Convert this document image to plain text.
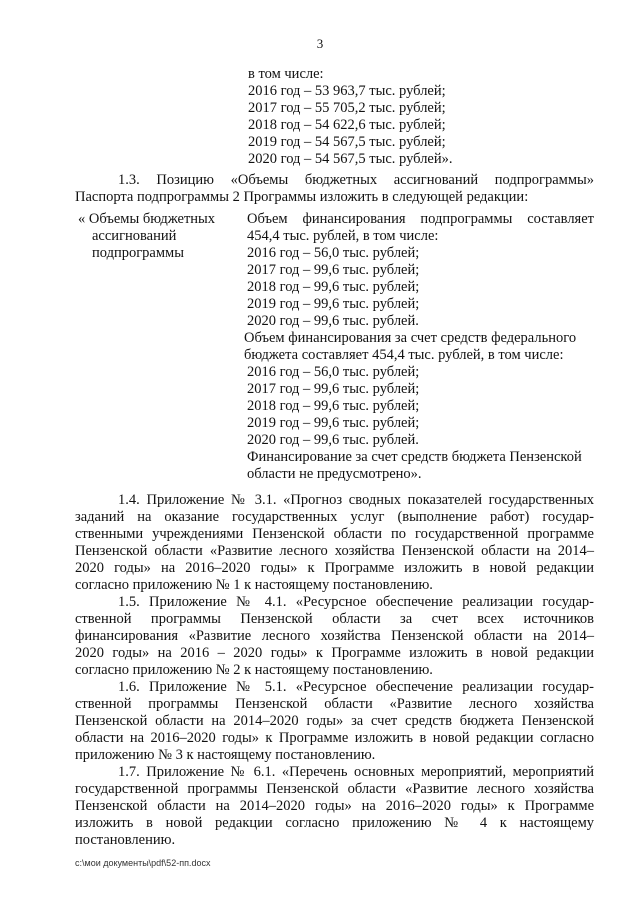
3
в том числе:
2016 год – 53 963,7 тыс. рублей;
2017 год – 55 705,2 тыс. рублей;
2018 год – 54 622,6 тыс. рублей;
2019 год – 54 567,5 тыс. рублей;
2020 год – 54 567,5 тыс. рублей».
1.3. Позицию «Объемы бюджетных ассигнований подпрограммы»
Паспорта подпрограммы 2 Программы изложить в следующей редакции:
« Объемы бюджетных
ассигнований
подпрограммы
Объем финансирования подпрограммы составляет
454,4 тыс. рублей, в том числе:
2016 год – 56,0 тыс. рублей;
2017 год – 99,6 тыс. рублей;
2018 год – 99,6 тыс. рублей;
2019 год – 99,6 тыс. рублей;
2020 год – 99,6 тыс. рублей.
Объем финансирования за счет средств федерального
бюджета составляет 454,4 тыс. рублей, в том числе:
2016 год – 56,0 тыс. рублей;
2017 год – 99,6 тыс. рублей;
2018 год – 99,6 тыс. рублей;
2019 год – 99,6 тыс. рублей;
2020 год – 99,6 тыс. рублей.
Финансирование за счет средств бюджета Пензенской
области не предусмотрено».
1.4. Приложение № 3.1. «Прогноз сводных показателей государственных
заданий на оказание государственных услуг (выполнение работ) государ-
ственными учреждениями Пензенской области по государственной программе
Пензенской области «Развитие лесного хозяйства Пензенской области на 2014–
2020 годы» на 2016–2020 годы» к Программе изложить в новой редакции
согласно приложению № 1 к настоящему постановлению.
1.5. Приложение № 4.1. «Ресурсное обеспечение реализации государ-
ственной программы Пензенской области за счет всех источников
финансирования «Развитие лесного хозяйства Пензенской области на 2014–
2020 годы» на 2016 – 2020 годы» к Программе изложить в новой редакции
согласно приложению № 2 к настоящему постановлению.
1.6. Приложение № 5.1. «Ресурсное обеспечение реализации государ-
ственной программы Пензенской области «Развитие лесного хозяйства
Пензенской области на 2014–2020 годы» за счет средств бюджета Пензенской
области на 2016–2020 годы» к Программе изложить в новой редакции согласно
приложению № 3 к настоящему постановлению.
1.7. Приложение № 6.1. «Перечень основных мероприятий, мероприятий
государственной программы Пензенской области «Развитие лесного хозяйства
Пензенской области на 2014–2020 годы» на 2016–2020 годы» к Программе
изложить в новой редакции согласно приложению № 4 к настоящему
постановлению.
c:\мои документы\pdf\52-пп.docx
